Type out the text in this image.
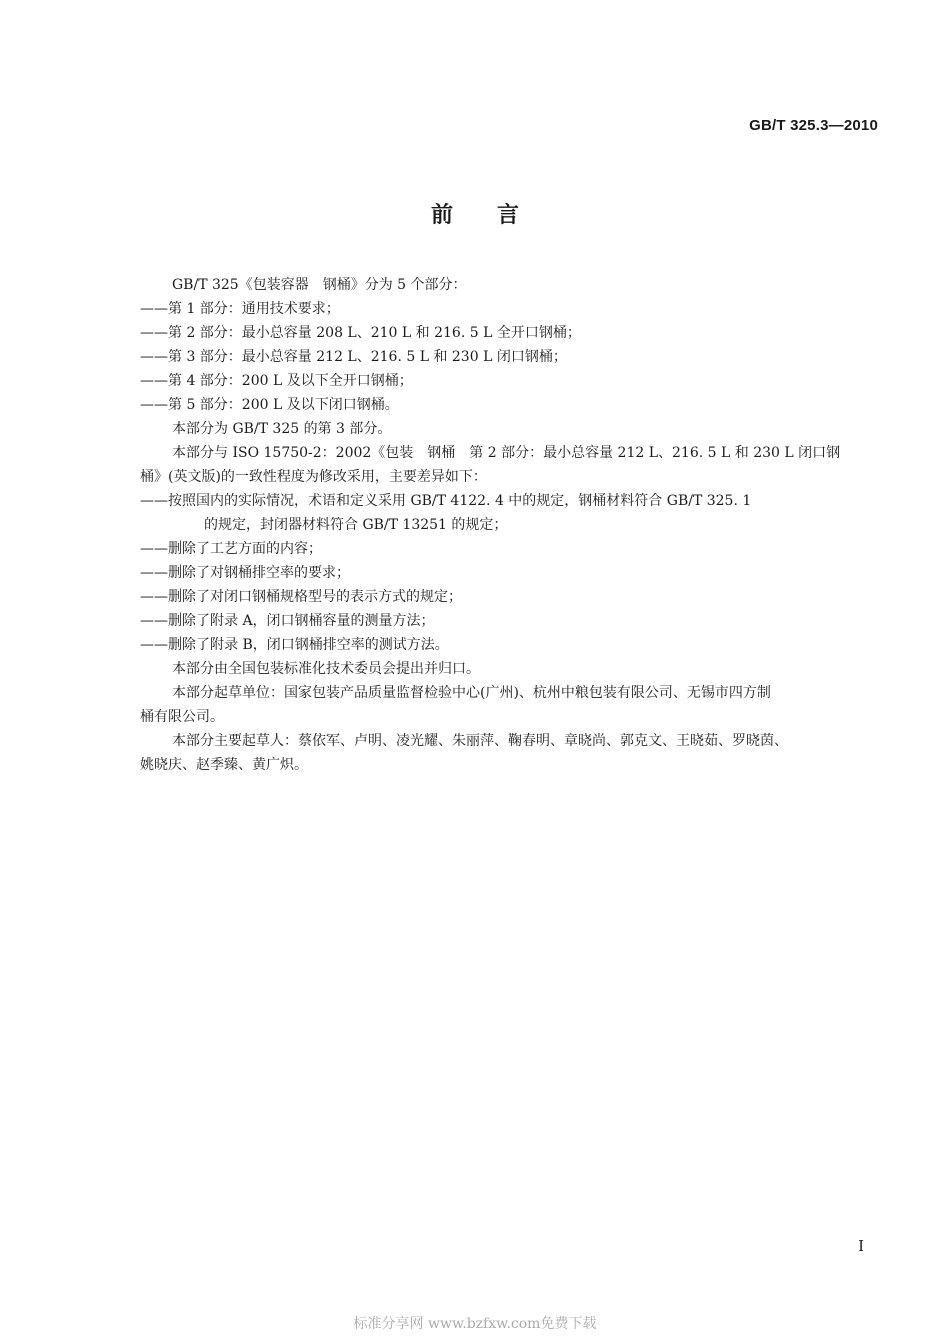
GB/T 325.3—2010
前言

GB/T 325《包装容器　钢桶》分为 5 个部分：

——第 1 部分：通用技术要求；

——第 2 部分：最小总容量 208 L、210 L 和 216. 5 L 全开口钢桶；

——第 3 部分：最小总容量 212 L、216. 5 L 和 230 L 闭口钢桶；

——第 4 部分：200 L 及以下全开口钢桶；

——第 5 部分：200 L 及以下闭口钢桶。

本部分为 GB/T 325 的第 3 部分。

本部分与 ISO 15750-2：2002《包装　钢桶　第 2 部分：最小总容量 212 L、216. 5 L 和 230 L 闭口钢

桶》(英文版)的一致性程度为修改采用，主要差异如下：

——按照国内的实际情况，术语和定义采用 GB/T 4122. 4 中的规定，钢桶材料符合 GB/T 325. 1

的规定，封闭器材料符合 GB/T 13251 的规定；

——删除了工艺方面的内容；

——删除了对钢桶排空率的要求；

——删除了对闭口钢桶规格型号的表示方式的规定；

——删除了附录 A，闭口钢桶容量的测量方法；

——删除了附录 B，闭口钢桶排空率的测试方法。

本部分由全国包装标准化技术委员会提出并归口。

本部分起草单位：国家包装产品质量监督检验中心(广州)、杭州中粮包装有限公司、无锡市四方制

桶有限公司。

本部分主要起草人：蔡依军、卢明、凌光耀、朱丽萍、鞠春明、章晓尚、郭克文、王晓茹、罗晓茵、

姚晓庆、赵季臻、黄广炽。

I
标准分享网 www.bzfxw.com免费下载
